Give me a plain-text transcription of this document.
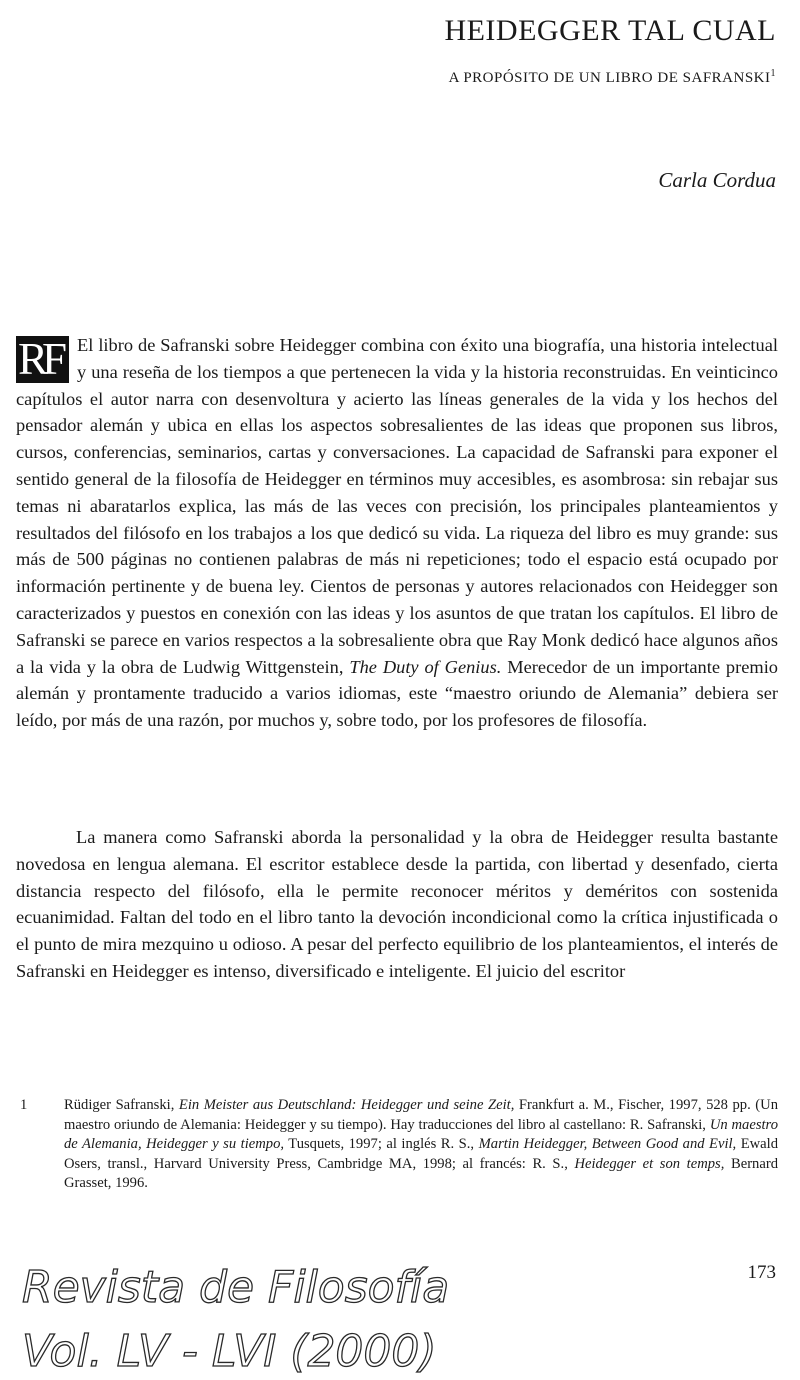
HEIDEGGER TAL CUAL
A PROPÓSITO DE UN LIBRO DE SAFRANSKI$^1$
Carla Cordua

RF El libro de Safranski sobre Heidegger combina con éxito una biografía, una historia intelectual y una reseña de los tiempos a que pertenecen la vida y la historia reconstruidas. En veinticinco capítulos el autor narra con desenvoltura y acierto las líneas generales de la vida y los hechos del pensador alemán y ubica en ellas los aspectos sobresalientes de las ideas que proponen sus libros, cursos, conferencias, seminarios, cartas y conversaciones. La capacidad de Safranski para exponer el sentido general de la filosofía de Heidegger en términos muy accesibles, es asombrosa: sin rebajar sus temas ni abaratarlos explica, las más de las veces con precisión, los principales planteamientos y resultados del filósofo en los trabajos a los que dedicó su vida. La riqueza del libro es muy grande: sus más de 500 páginas no contienen palabras de más ni repeticiones; todo el espacio está ocupado por información pertinente y de buena ley. Cientos de personas y autores relacionados con Heidegger son caracterizados y puestos en conexión con las ideas y los asuntos de que tratan los capítulos. El libro de Safranski se parece en varios respectos a la sobresaliente obra que Ray Monk dedicó hace algunos años a la vida y la obra de Ludwig Wittgenstein, The Duty of Genius. Merecedor de un importante premio alemán y prontamente traducido a varios idiomas, este “maestro oriundo de Alemania” debiera ser leído, por más de una razón, por muchos y, sobre todo, por los profesores de filosofía.

La manera como Safranski aborda la personalidad y la obra de Heidegger resulta bastante novedosa en lengua alemana. El escritor establece desde la partida, con libertad y desenfado, cierta distancia respecto del filósofo, ella le permite reconocer méritos y deméritos con sostenida ecuanimidad. Faltan del todo en el libro tanto la devoción incondicional como la crítica injustificada o el punto de mira mezquino u odioso. A pesar del perfecto equilibrio de los planteamientos, el interés de Safranski en Heidegger es intenso, diversificado e inteligente. El juicio del escritor

1	Rüdiger Safranski, Ein Meister aus Deutschland: Heidegger und seine Zeit, Frankfurt a. M., Fischer, 1997, 528 pp. (Un maestro oriundo de Alemania: Heidegger y su tiempo). Hay traducciones del libro al castellano: R. Safranski, Un maestro de Alemania, Heidegger y su tiempo, Tusquets, 1997; al inglés R. S., Martin Heidegger, Between Good and Evil, Ewald Osers, transl., Harvard University Press, Cambridge MA, 1998; al francés: R. S., Heidegger et son temps, Bernard Grasset, 1996.
173
Revista de Filosofía
Vol. LV - LVI (2000)
